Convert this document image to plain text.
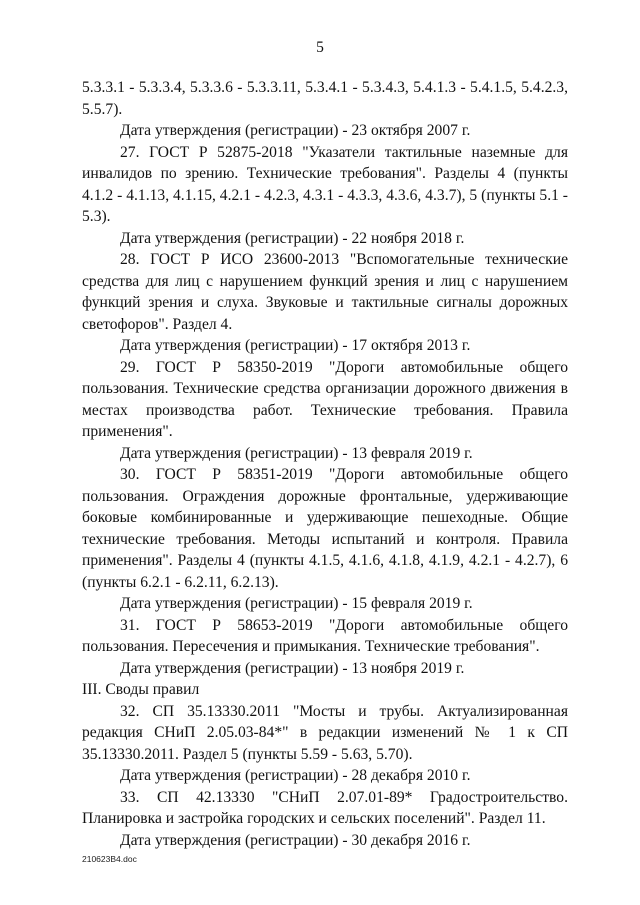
5

5.3.3.1 - 5.3.3.4, 5.3.3.6 - 5.3.3.11, 5.3.4.1 - 5.3.4.3, 5.4.1.3 - 5.4.1.5, 5.4.2.3, 5.5.7).

Дата утверждения (регистрации) - 23 октября 2007 г.

27. ГОСТ Р 52875-2018 "Указатели тактильные наземные для инвалидов по зрению. Технические требования". Разделы 4 (пункты 4.1.2 - 4.1.13, 4.1.15, 4.2.1 - 4.2.3, 4.3.1 - 4.3.3, 4.3.6, 4.3.7), 5 (пункты 5.1 - 5.3).

Дата утверждения (регистрации) - 22 ноября 2018 г.

28. ГОСТ Р ИСО 23600-2013 "Вспомогательные технические средства для лиц с нарушением функций зрения и лиц с нарушением функций зрения и слуха. Звуковые и тактильные сигналы дорожных светофоров". Раздел 4.

Дата утверждения (регистрации) - 17 октября 2013 г.

29. ГОСТ Р 58350-2019 "Дороги автомобильные общего пользования. Технические средства организации дорожного движения в местах производства работ. Технические требования. Правила применения".

Дата утверждения (регистрации) - 13 февраля 2019 г.

30. ГОСТ Р 58351-2019 "Дороги автомобильные общего пользования. Ограждения дорожные фронтальные, удерживающие боковые комбинированные и удерживающие пешеходные. Общие технические требования. Методы испытаний и контроля. Правила применения". Разделы 4 (пункты 4.1.5, 4.1.6, 4.1.8, 4.1.9, 4.2.1 - 4.2.7), 6 (пункты 6.2.1 - 6.2.11, 6.2.13).

Дата утверждения (регистрации) - 15 февраля 2019 г.

31. ГОСТ Р 58653-2019 "Дороги автомобильные общего пользования. Пересечения и примыкания. Технические требования".

Дата утверждения (регистрации) - 13 ноября 2019 г.

III. Своды правил

32. СП 35.13330.2011 "Мосты и трубы. Актуализированная редакция СНиП 2.05.03-84*" в редакции изменений № 1 к СП 35.13330.2011. Раздел 5 (пункты 5.59 - 5.63, 5.70).

Дата утверждения (регистрации) - 28 декабря 2010 г.

33. СП 42.13330 "СНиП 2.07.01-89* Градостроительство. Планировка и застройка городских и сельских поселений". Раздел 11.

Дата утверждения (регистрации) - 30 декабря 2016 г.

210623В4.doc
